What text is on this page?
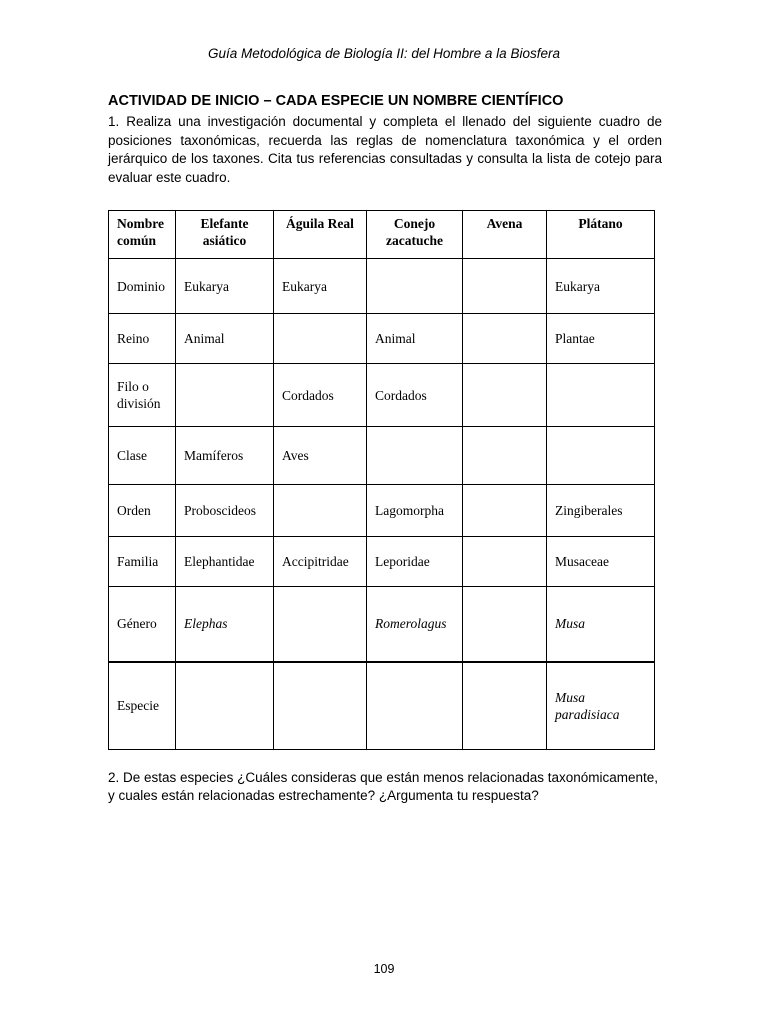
Guía Metodológica de Biología II: del Hombre a la Biosfera
ACTIVIDAD DE INICIO – CADA ESPECIE UN NOMBRE CIENTÍFICO

1. Realiza una investigación documental y completa el llenado del siguiente cuadro de posiciones taxonómicas, recuerda las reglas de nomenclatura taxonómica y el orden jerárquico de los taxones. Cita tus referencias consultadas y consulta la lista de cotejo para evaluar este cuadro.

Nombre común	Elefante asiático	Águila Real	Conejo zacatuche	Avena	Plátano
Dominio	Eukarya	Eukarya			Eukarya
Reino	Animal		Animal		Plantae
Filo o división		Cordados	Cordados		
Clase	Mamíferos	Aves			
Orden	Proboscideos		Lagomorpha		Zingiberales
Familia	Elephantidae	Accipitridae	Leporidae		Musaceae
Género	Elephas		Romerolagus		Musa
Especie					Musa paradisiaca

2. De estas especies ¿Cuáles consideras que están menos relacionadas taxonómicamente, y cuales están relacionadas estrechamente? ¿Argumenta tu respuesta?

109
